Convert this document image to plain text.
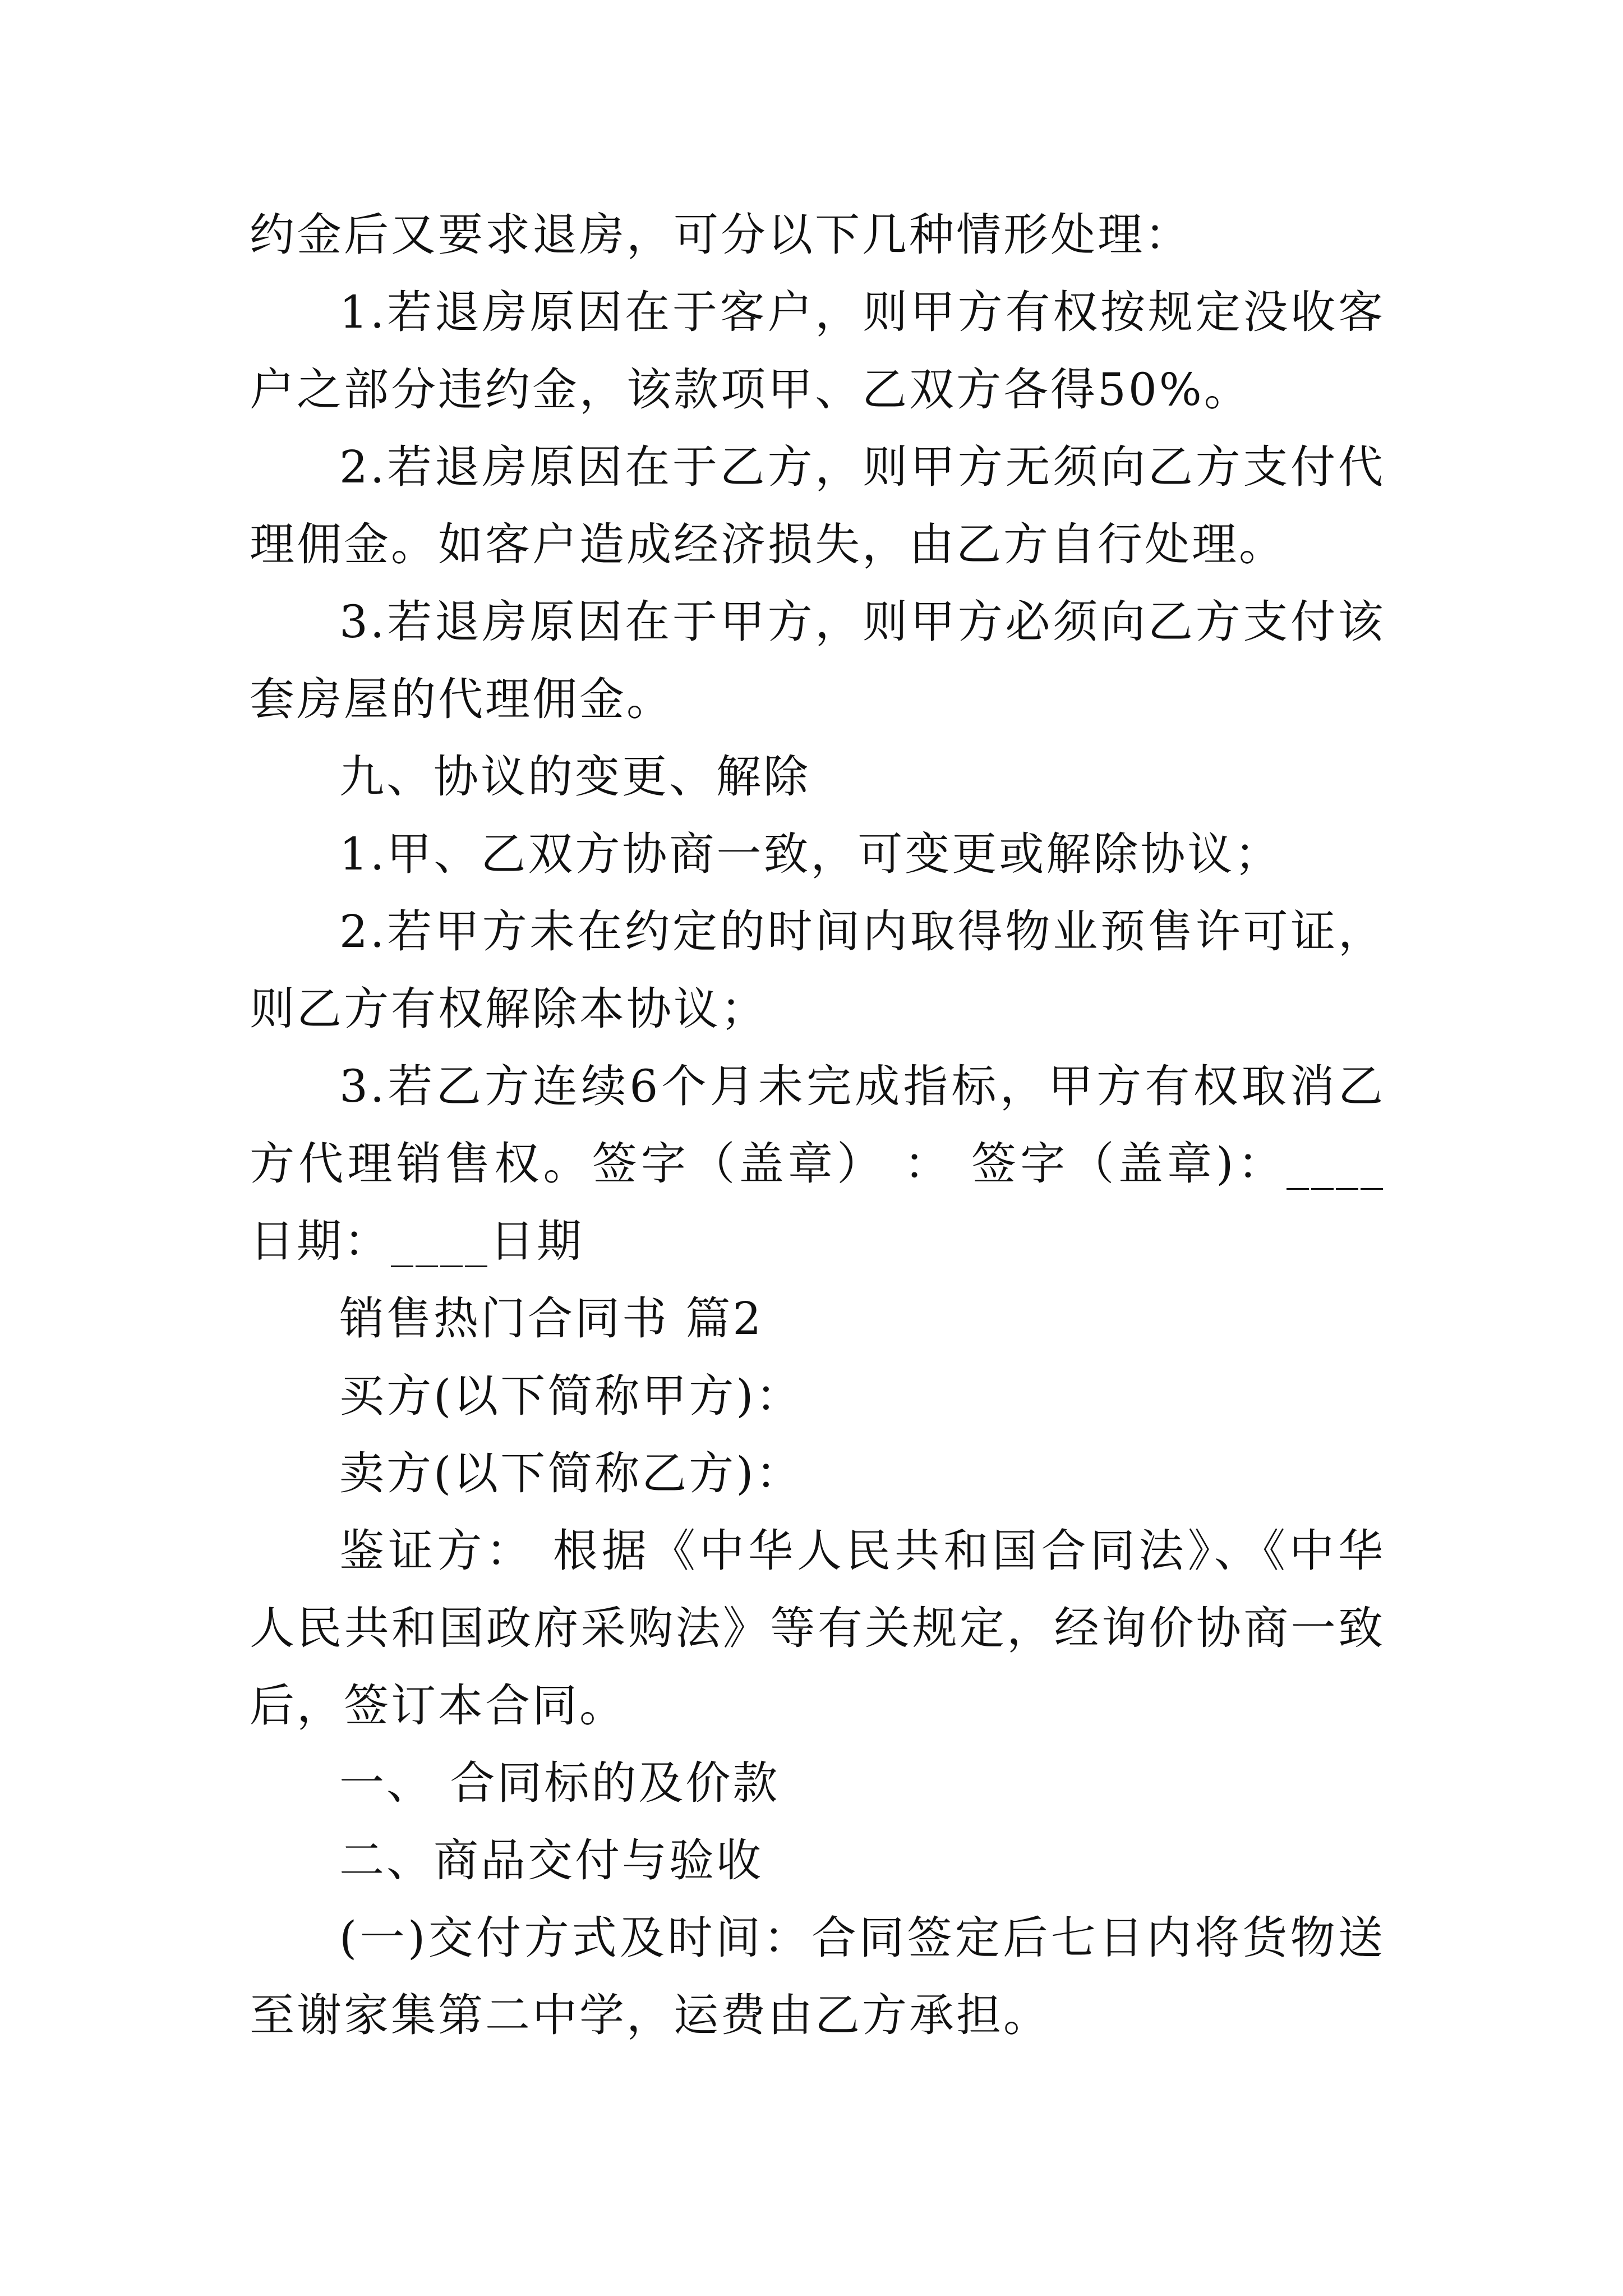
约金后又要求退房，可分以下几种情形处理：

1.若退房原因在于客户，则甲方有权按规定没收客户之部分违约金，该款项甲、乙双方各得50%。

2.若退房原因在于乙方，则甲方无须向乙方支付代理佣金。如客户造成经济损失，由乙方自行处理。

3.若退房原因在于甲方，则甲方必须向乙方支付该套房屋的代理佣金。

九、协议的变更、解除

1.甲、乙双方协商一致，可变更或解除协议；

2.若甲方未在约定的时间内取得物业预售许可证，则乙方有权解除本协议；

3.若乙方连续6个月未完成指标，甲方有权取消乙方代理销售权。签字（盖章） ： 签字（盖章)：____日期：____日期

销售热门合同书 篇2

买方(以下简称甲方)：

卖方(以下简称乙方)：

鉴证方： 根据《中华人民共和国合同法》、《中华人民共和国政府采购法》等有关规定，经询价协商一致后，签订本合同。

一、 合同标的及价款

二、商品交付与验收

(一)交付方式及时间：合同签定后七日内将货物送至谢家集第二中学，运费由乙方承担。
